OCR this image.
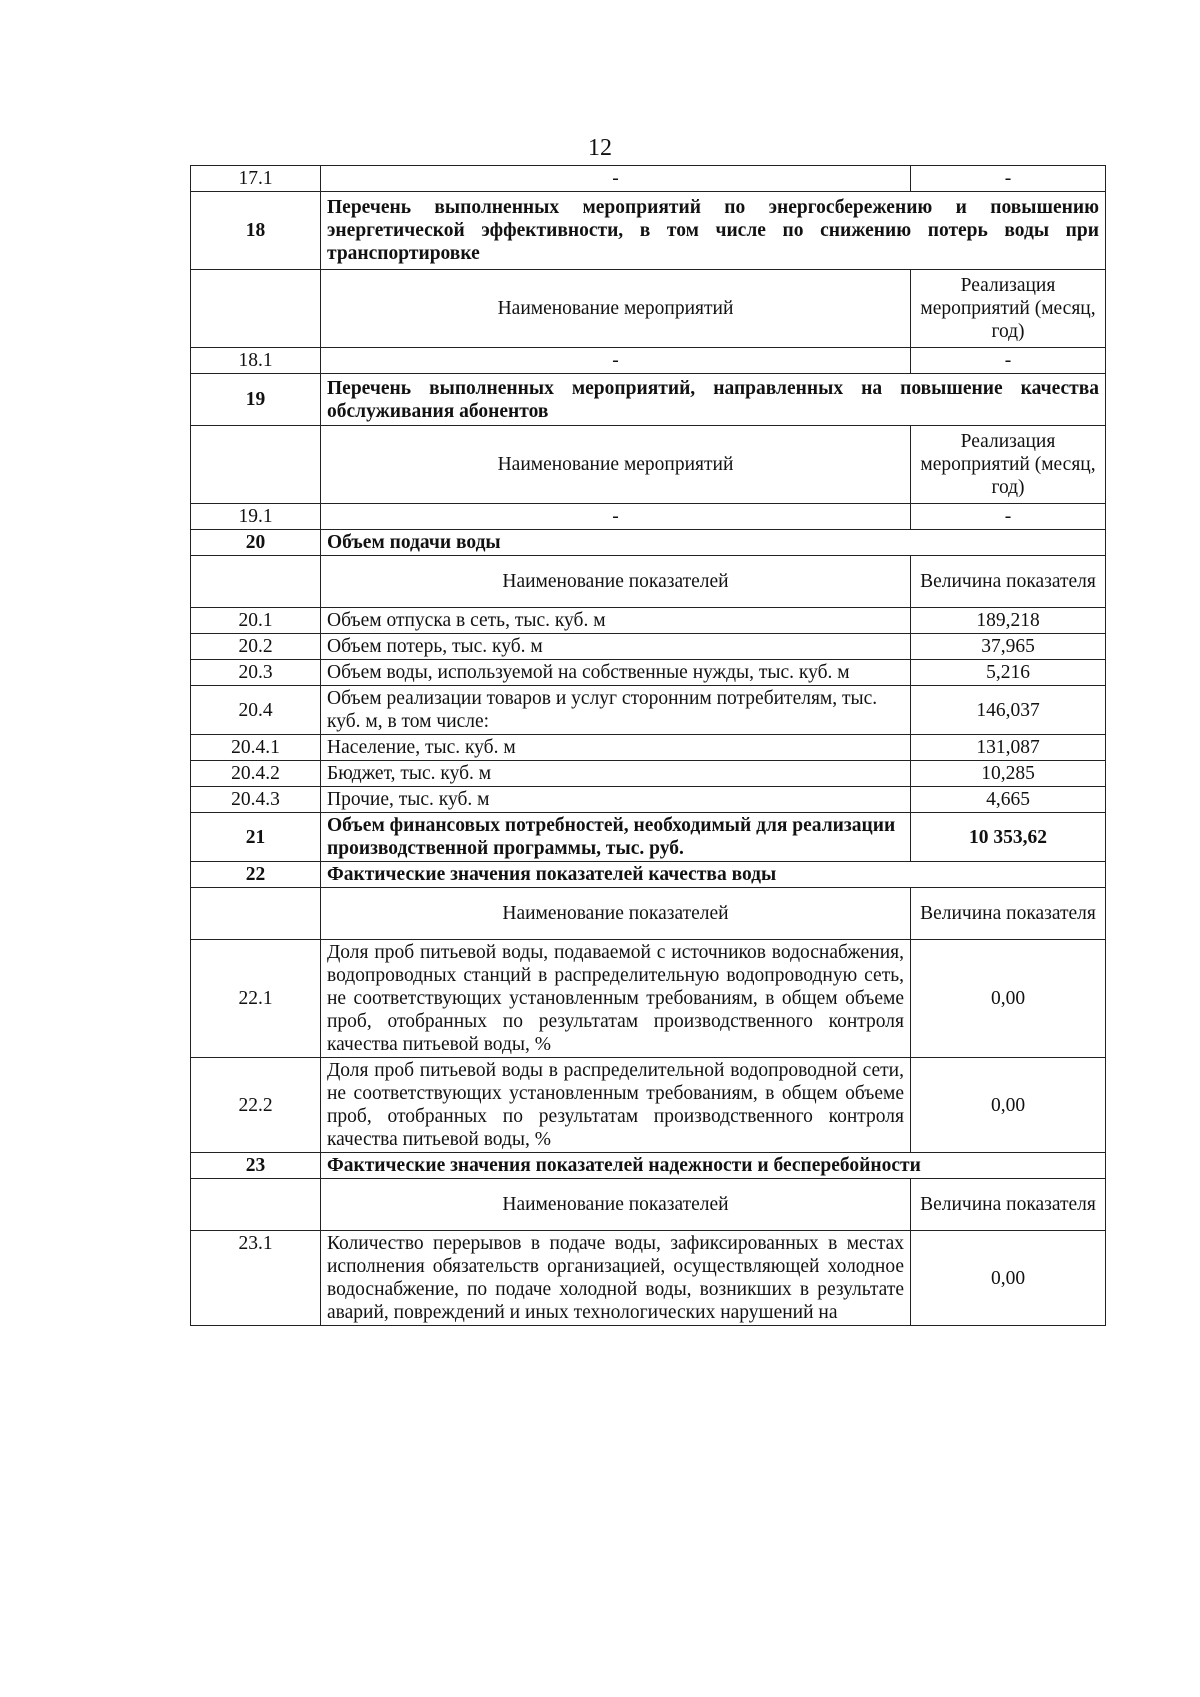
12
17.1	-	-
18	Перечень выполненных мероприятий по энергосбережению и повышению энергетической эффективности, в том числе по снижению потерь воды при транспортировке	
	Наименование мероприятий	Реализация мероприятий (месяц, год)
18.1	-	-
19	Перечень выполненных мероприятий, направленных на повышение качества обслуживания абонентов	
	Наименование мероприятий	Реализация мероприятий (месяц, год)
19.1	-	-
20	Объем подачи воды	
	Наименование показателей	Величина показателя
20.1	Объем отпуска в сеть, тыс. куб. м	189,218
20.2	Объем потерь, тыс. куб. м	37,965
20.3	Объем воды, используемой на собственные нужды, тыс. куб. м	5,216
20.4	Объем реализации товаров и услуг сторонним потребителям, тыс. куб. м, в том числе:	146,037
20.4.1	Население, тыс. куб. м	131,087
20.4.2	Бюджет, тыс. куб. м	10,285
20.4.3	Прочие, тыс. куб. м	4,665
21	Объем финансовых потребностей, необходимый для реализации производственной программы, тыс. руб.	10 353,62
22	Фактические значения показателей качества воды	
	Наименование показателей	Величина показателя
22.1	Доля проб питьевой воды, подаваемой с источников водоснабжения, водопроводных станций в распределительную водопроводную сеть, не соответствующих установленным требованиям, в общем объеме проб, отобранных по результатам производственного контроля качества питьевой воды, %	0,00
22.2	Доля проб питьевой воды в распределительной водопроводной сети, не соответствующих установленным требованиям, в общем объеме проб, отобранных по результатам производственного контроля качества питьевой воды, %	0,00
23	Фактические значения показателей надежности и бесперебойности	
	Наименование показателей	Величина показателя
23.1	Количество перерывов в подаче воды, зафиксированных в местах исполнения обязательств организацией, осуществляющей холодное водоснабжение, по подаче холодной воды, возникших в результате аварий, повреждений и иных технологических нарушений на	0,00
